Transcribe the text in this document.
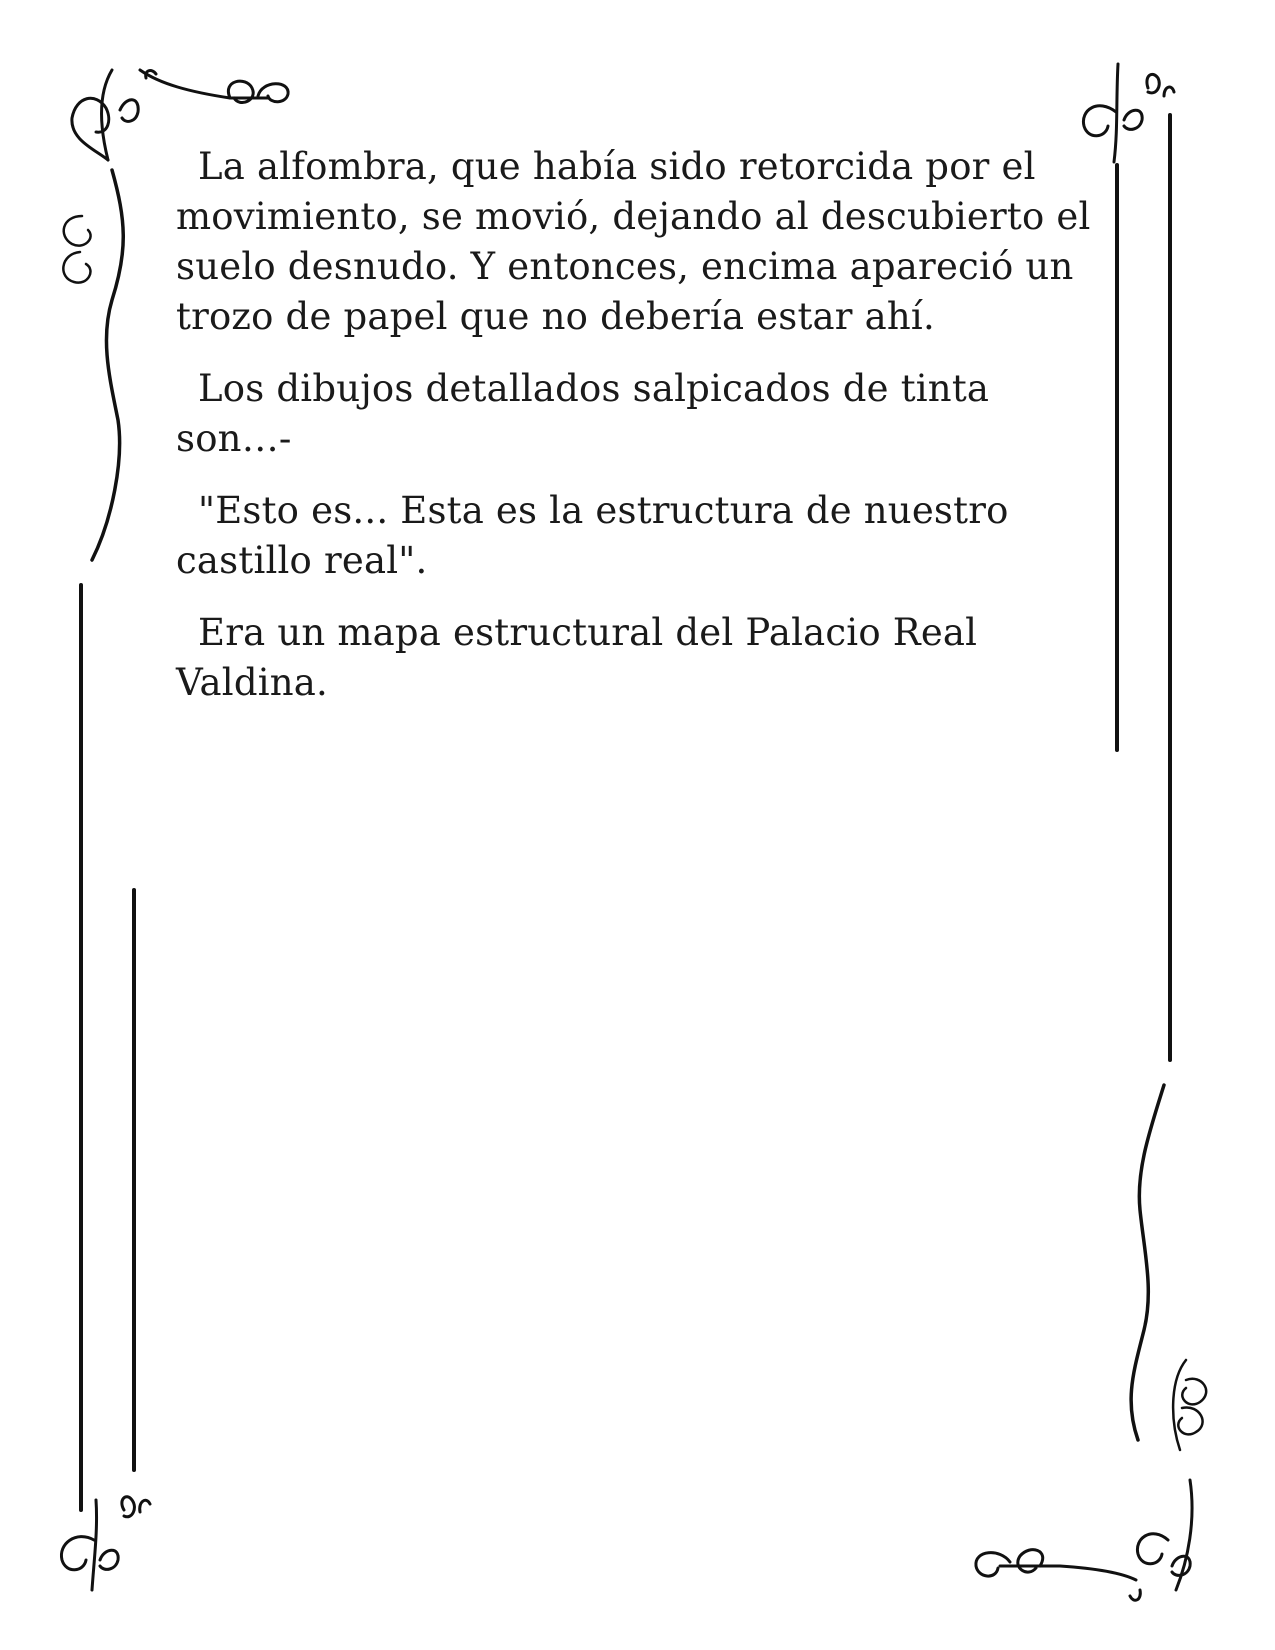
La alfombra, que había sido retorcida por el movimiento, se movió, dejando al descubierto el suelo desnudo. Y entonces, encima apareció un trozo de papel que no debería estar ahí.

Los dibujos detallados salpicados de tinta son…-

"Esto es... Esta es la estructura de nuestro castillo real".

Era un mapa estructural del Palacio Real Valdina.
